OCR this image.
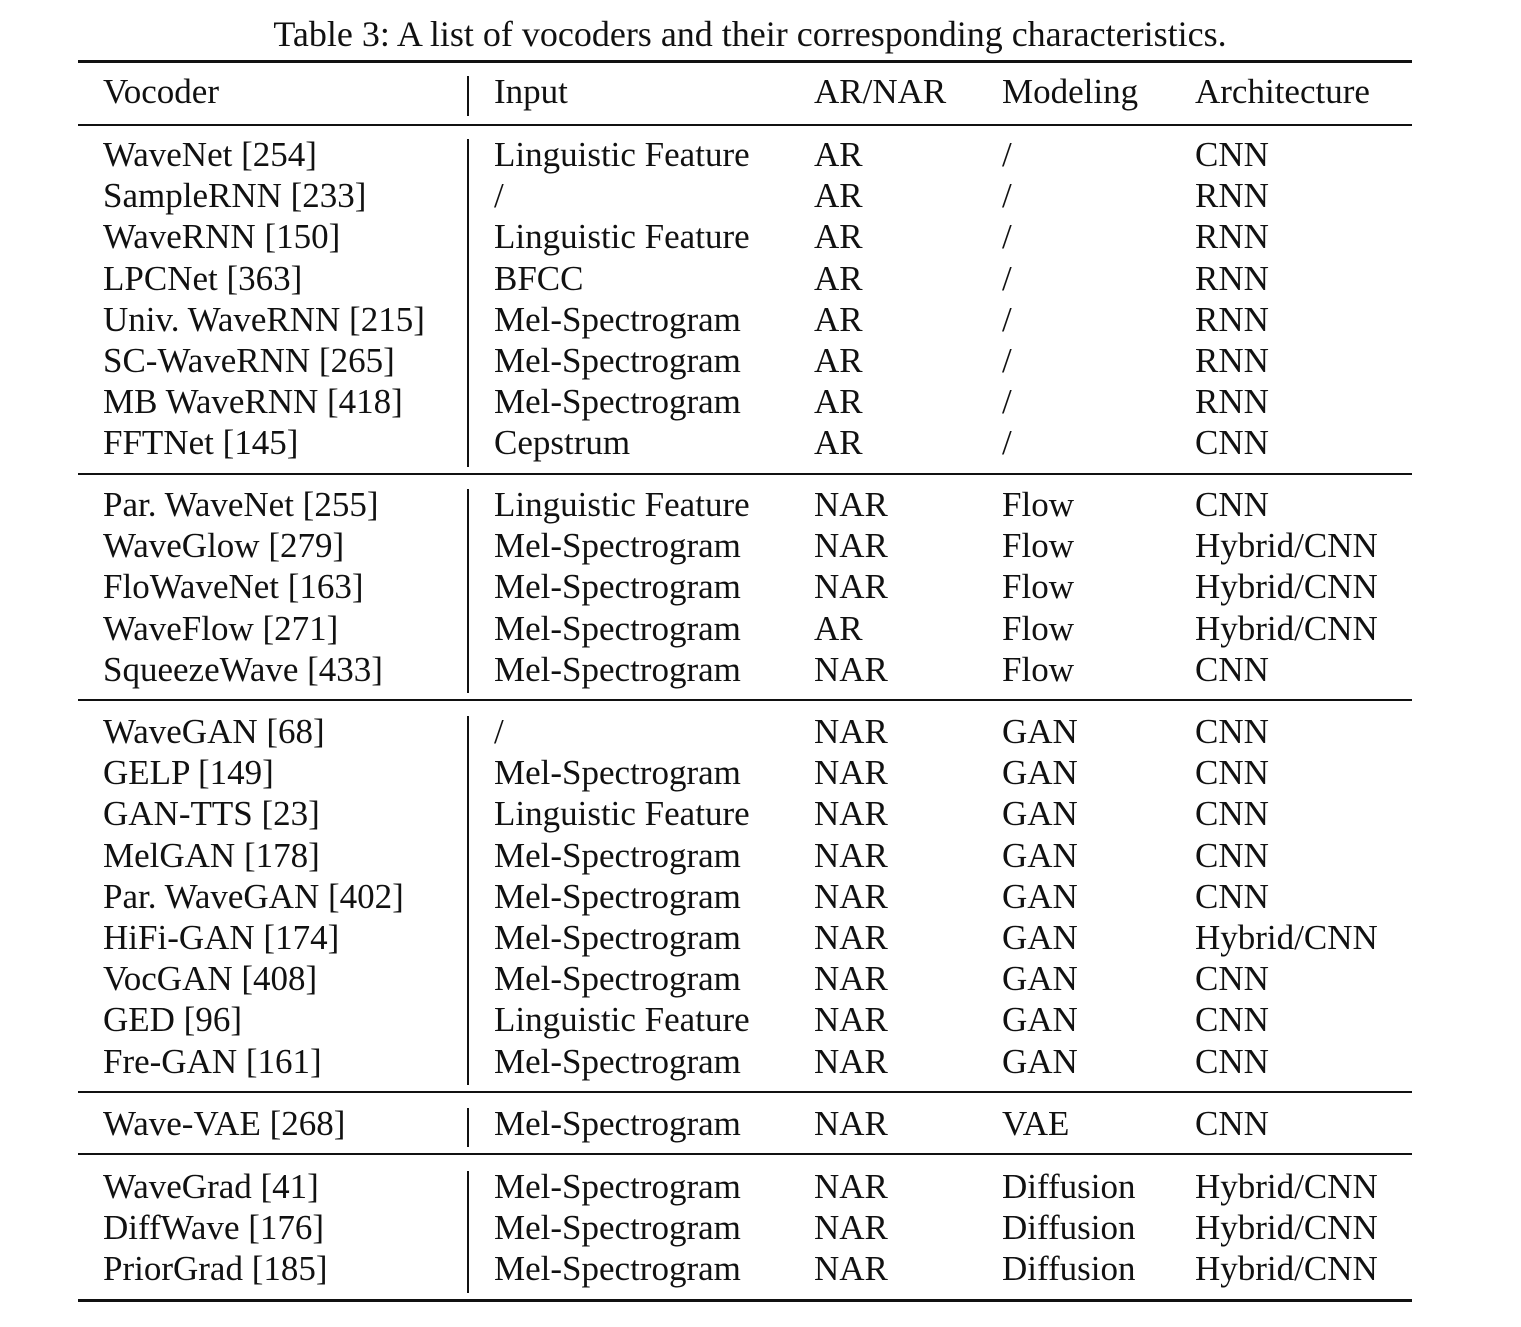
Table 3: A list of vocoders and their corresponding characteristics.
Vocoder	Input	AR/NAR Modeling Architecture
WaveNet [254]	Linguistic Feature AR	/	CNN
SampleRNN [233]	/	AR	/	RNN
WaveRNN [150]	Linguistic Feature AR	/	RNN
LPCNet [363]	BFCC	AR	/	RNN
Univ. WaveRNN [215] Mel-Spectrogram AR	/	RNN
SC-WaveRNN [265]	Mel-Spectrogram AR	/	RNN
MB WaveRNN [418]	Mel-Spectrogram AR	/	RNN
FFTNet [145]	Cepstrum	AR	/	CNN
Par. WaveNet [255]	Linguistic Feature NAR	Flow	CNN
WaveGlow [279]	Mel-Spectrogram NAR	Flow	Hybrid/CNN
FloWaveNet [163]	Mel-Spectrogram NAR	Flow	Hybrid/CNN
WaveFlow [271]	Mel-Spectrogram AR	Flow	Hybrid/CNN
SqueezeWave [433]	Mel-Spectrogram NAR	Flow	CNN
WaveGAN [68]	/	NAR	GAN	CNN
GELP [149]	Mel-Spectrogram NAR	GAN	CNN
GAN-TTS [23]	Linguistic Feature NAR	GAN	CNN
MelGAN [178]	Mel-Spectrogram NAR	GAN	CNN
Par. WaveGAN [402]	Mel-Spectrogram NAR	GAN	CNN
HiFi-GAN [174]	Mel-Spectrogram NAR	GAN	Hybrid/CNN
VocGAN [408]	Mel-Spectrogram NAR	GAN	CNN
GED [96]	Linguistic Feature NAR	GAN	CNN
Fre-GAN [161]	Mel-Spectrogram NAR	GAN	CNN
Wave-VAE [268]	Mel-Spectrogram NAR	VAE	CNN
WaveGrad [41]	Mel-Spectrogram NAR	Diffusion Hybrid/CNN
DiffWave [176]	Mel-Spectrogram NAR	Diffusion Hybrid/CNN
PriorGrad [185]	Mel-Spectrogram NAR	Diffusion Hybrid/CNN
